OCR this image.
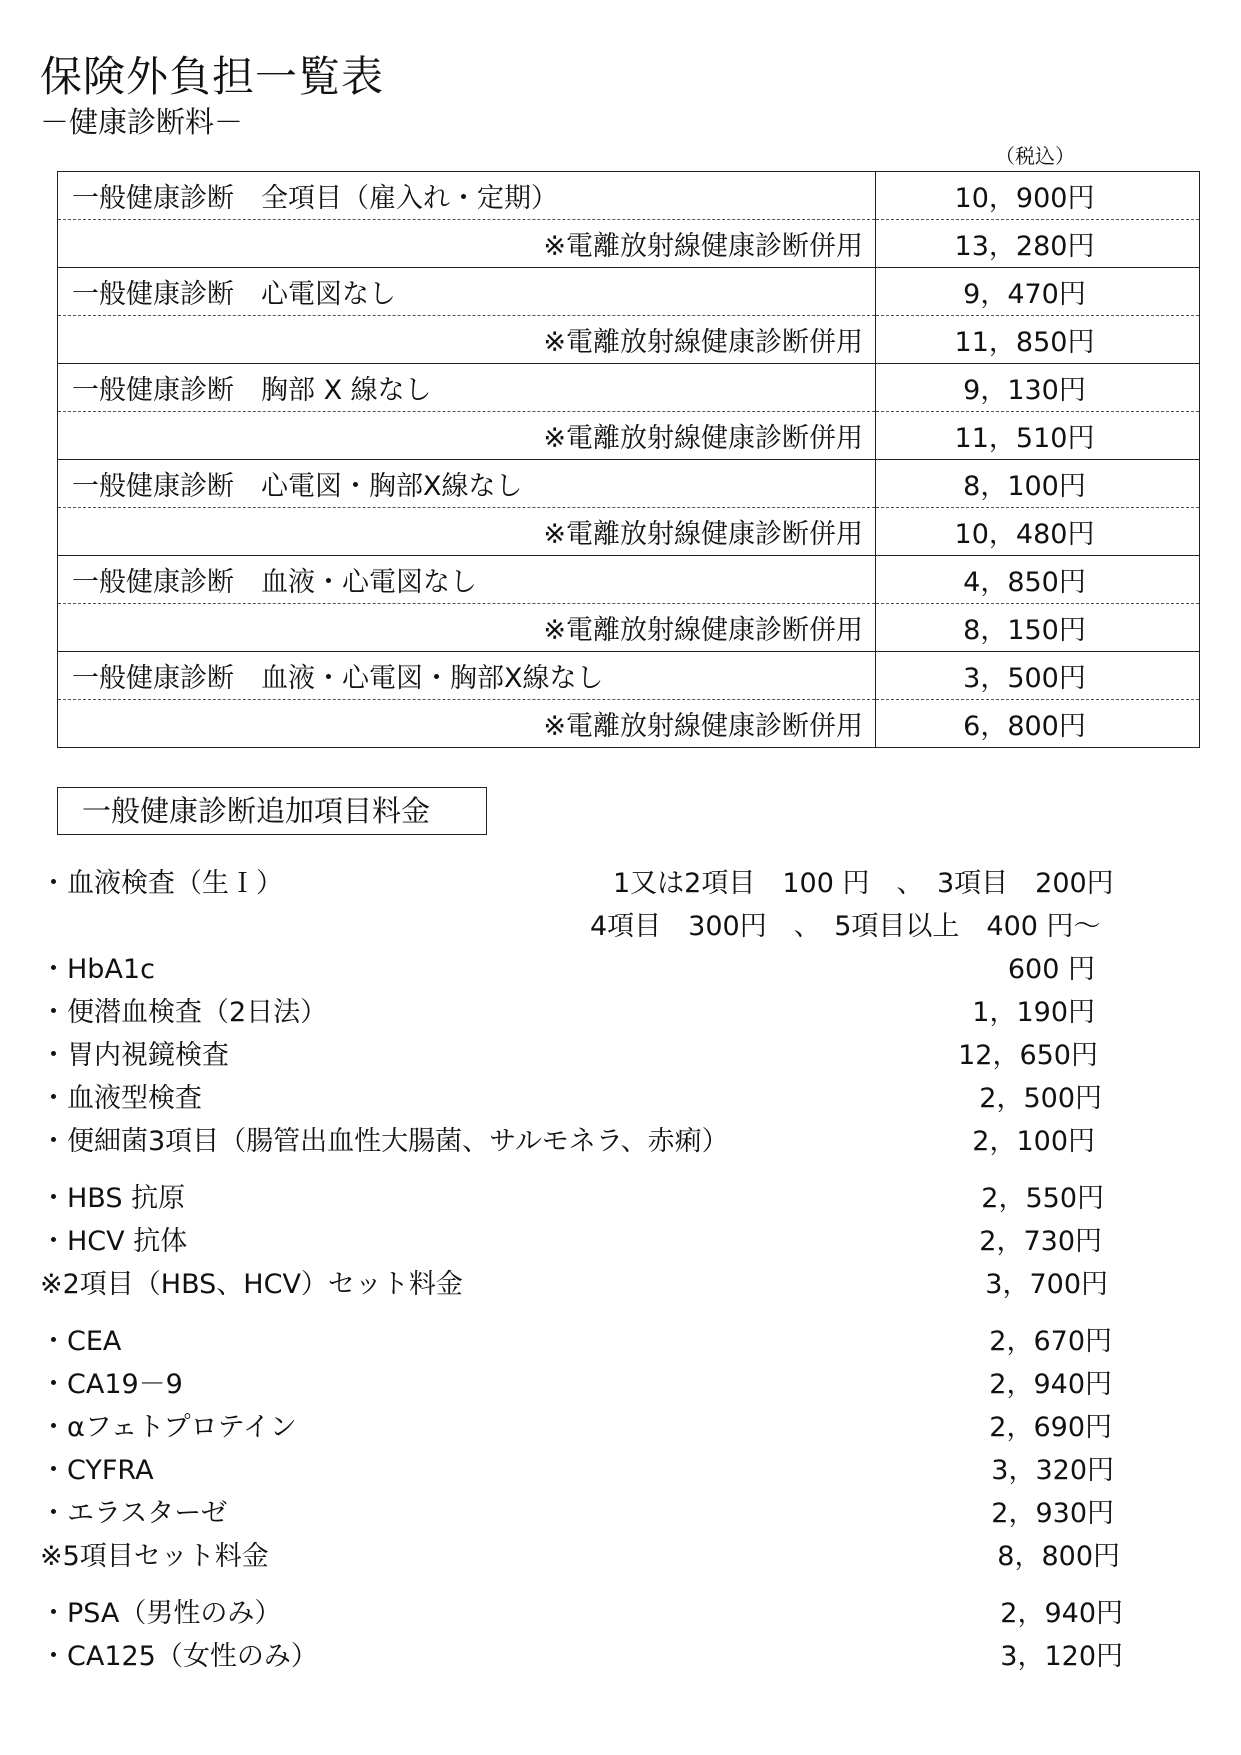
保険外負担一覧表
－健康診断料－
（税込）
一般健康診断　全項目（雇入れ・定期）	10，900円
※電離放射線健康診断併用	13，280円
一般健康診断　心電図なし	9，470円
※電離放射線健康診断併用	11，850円
一般健康診断　胸部 X 線なし	9，130円
※電離放射線健康診断併用	11，510円
一般健康診断　心電図・胸部X線なし	8，100円
※電離放射線健康診断併用	10，480円
一般健康診断　血液・心電図なし	4，850円
※電離放射線健康診断併用	8，150円
一般健康診断　血液・心電図・胸部X線なし	3，500円
※電離放射線健康診断併用	6，800円
一般健康診断追加項目料金
・血液検査（生Ｉ）	1又は2項目　100 円　、　3項目　200円
4項目　300円　、　5項目以上　400 円～
・HbA1c	600 円
・便潜血検査（2日法）	1，190円
・胃内視鏡検査	12，650円
・血液型検査	2，500円
・便細菌3項目（腸管出血性大腸菌、サルモネラ、赤痢）	2，100円
・HBS 抗原	2，550円
・HCV 抗体	2，730円
※2項目（HBS、HCV）セット料金	3，700円
・CEA	2，670円
・CA19－9	2，940円
・αフェトプロテイン	2，690円
・CYFRA	3，320円
・エラスターゼ	2，930円
※5項目セット料金	8，800円
・PSA（男性のみ）	2，940円
・CA125（女性のみ）	3，120円
